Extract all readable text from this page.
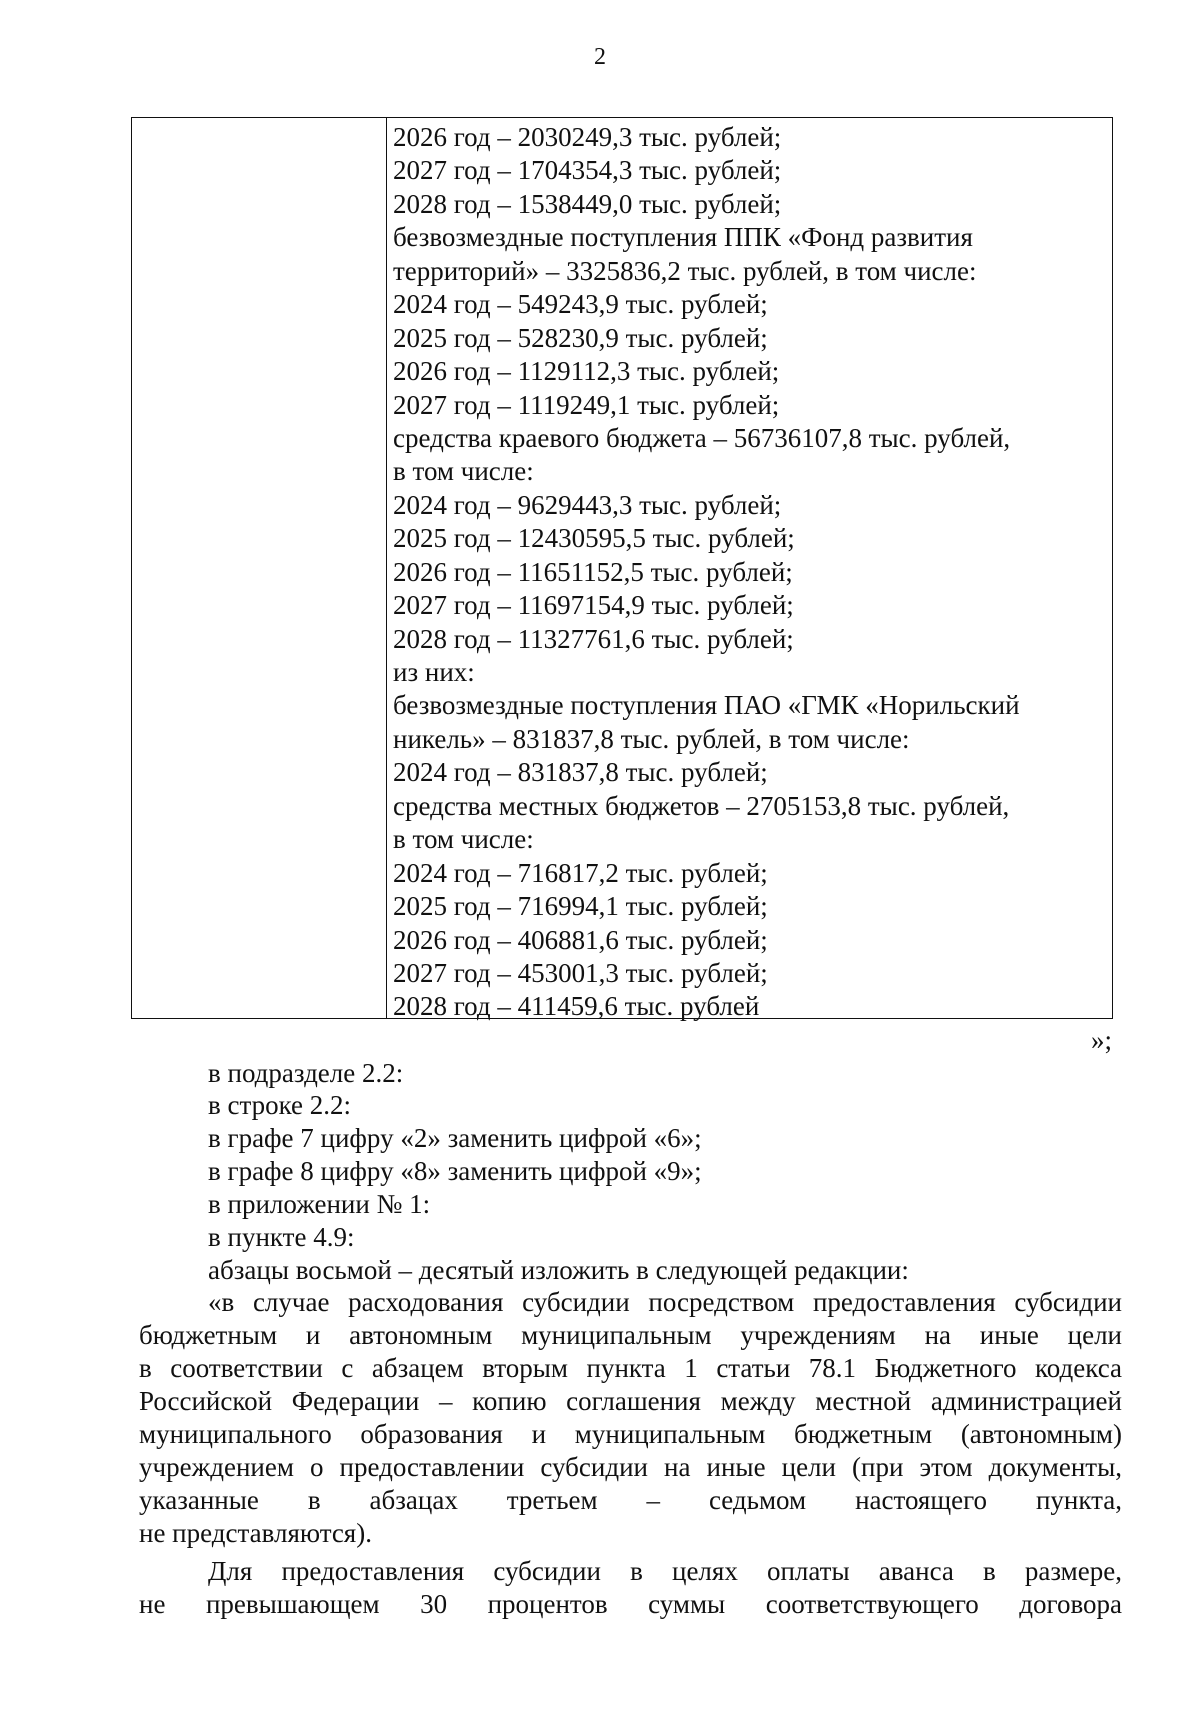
2
2026 год – 2030249,3 тыс. рублей;
2027 год – 1704354,3 тыс. рублей;
2028 год – 1538449,0 тыс. рублей;
безвозмездные поступления ППК «Фонд развития
территорий» – 3325836,2 тыс. рублей, в том числе:
2024 год – 549243,9 тыс. рублей;
2025 год – 528230,9 тыс. рублей;
2026 год – 1129112,3 тыс. рублей;
2027 год – 1119249,1 тыс. рублей;
средства краевого бюджета – 56736107,8 тыс. рублей,
в том числе:
2024 год – 9629443,3 тыс. рублей;
2025 год – 12430595,5 тыс. рублей;
2026 год – 11651152,5 тыс. рублей;
2027 год – 11697154,9 тыс. рублей;
2028 год – 11327761,6 тыс. рублей;
из них:
безвозмездные поступления ПАО «ГМК «Норильский
никель» – 831837,8 тыс. рублей, в том числе:
2024 год – 831837,8 тыс. рублей;
средства местных бюджетов – 2705153,8 тыс. рублей,
в том числе:
2024 год – 716817,2 тыс. рублей;
2025 год – 716994,1 тыс. рублей;
2026 год – 406881,6 тыс. рублей;
2027 год – 453001,3 тыс. рублей;
2028 год – 411459,6 тыс. рублей
»;
в подразделе 2.2:
в строке 2.2:
в графе 7 цифру «2» заменить цифрой «6»;
в графе 8 цифру «8» заменить цифрой «9»;
в приложении № 1:
в пункте 4.9:
абзацы восьмой – десятый изложить в следующей редакции:
«в случае расходования субсидии посредством предоставления субсидии
бюджетным и автономным муниципальным учреждениям на иные цели
в соответствии с абзацем вторым пункта 1 статьи 78.1 Бюджетного кодекса
Российской Федерации – копию соглашения между местной администрацией
муниципального образования и муниципальным бюджетным (автономным)
учреждением о предоставлении субсидии на иные цели (при этом документы,
указанные в абзацах третьем – седьмом настоящего пункта,
не представляются).
Для предоставления субсидии в целях оплаты аванса в размере,
не превышающем 30 процентов суммы соответствующего договора
